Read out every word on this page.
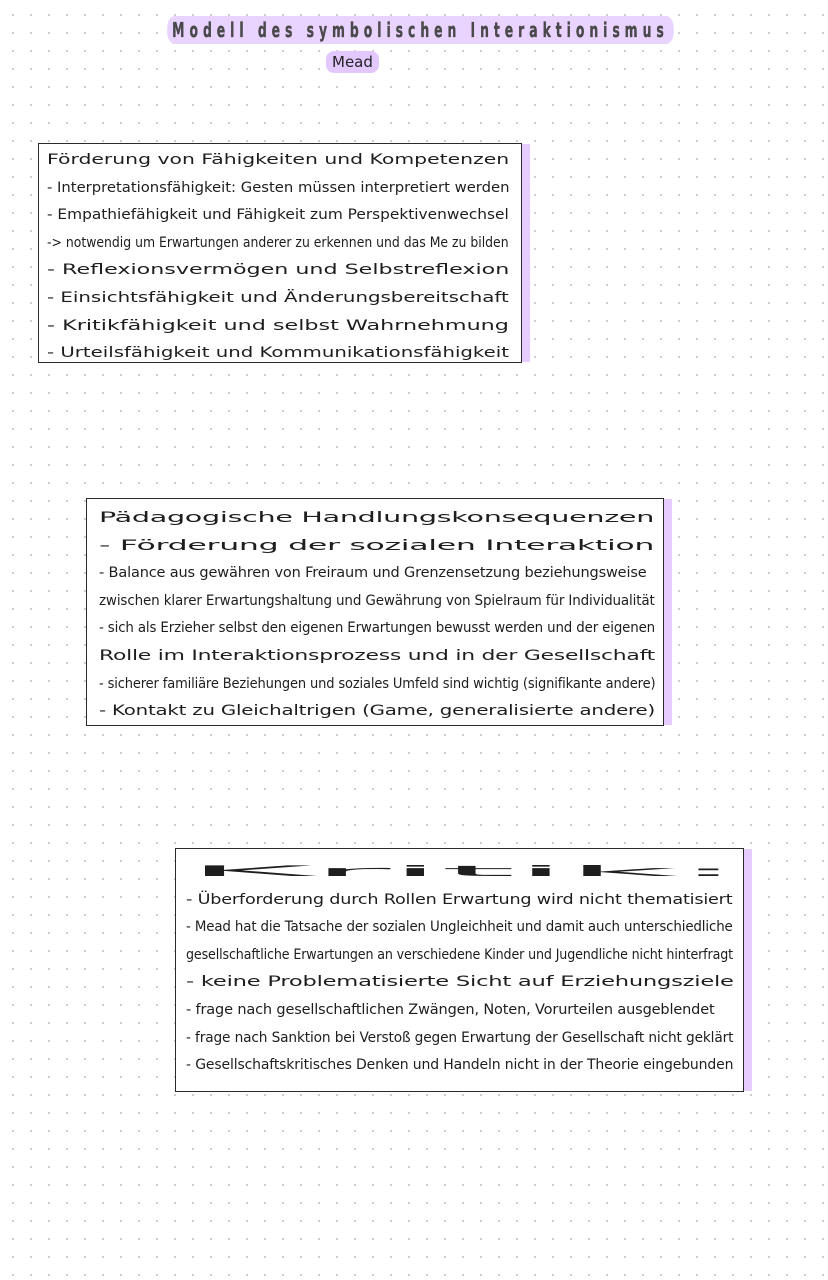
Modell des symbolischen Interaktionismus
Mead

Förderung von Fähigkeiten und Kompetenzen

- Interpretationsfähigkeit: Gesten müssen interpretiert werden

- Empathiefähigkeit und Fähigkeit zum Perspektivenwechsel

-> notwendig um Erwartungen anderer zu erkennen und das Me zu bilden

- Reflexionsvermögen und Selbstreflexion

- Einsichtsfähigkeit und Änderungsbereitschaft

- Kritikfähigkeit und selbst Wahrnehmung

- Urteilsfähigkeit und Kommunikationsfähigkeit

Pädagogische Handlungskonsequenzen

- Förderung der sozialen Interaktion

- Balance aus gewähren von Freiraum und Grenzensetzung beziehungsweise

zwischen klarer Erwartungshaltung und Gewährung von Spielraum für Individualität

- sich als Erzieher selbst den eigenen Erwartungen bewusst werden und der eigenen

Rolle im Interaktionsprozess und in der Gesellschaft

- sicherer familiäre Beziehungen und soziales Umfeld sind wichtig (signifikante andere)

- Kontakt zu Gleichaltrigen (Game, generalisierte andere)

Kritik:

- Überforderung durch Rollen Erwartung wird nicht thematisiert

- Mead hat die Tatsache der sozialen Ungleichheit und damit auch unterschiedliche

gesellschaftliche Erwartungen an verschiedene Kinder und Jugendliche nicht hinterfragt

- keine Problematisierte Sicht auf Erziehungsziele

- frage nach gesellschaftlichen Zwängen, Noten, Vorurteilen ausgeblendet

- frage nach Sanktion bei Verstoß gegen Erwartung der Gesellschaft nicht geklärt

- Gesellschaftskritisches Denken und Handeln nicht in der Theorie eingebunden
